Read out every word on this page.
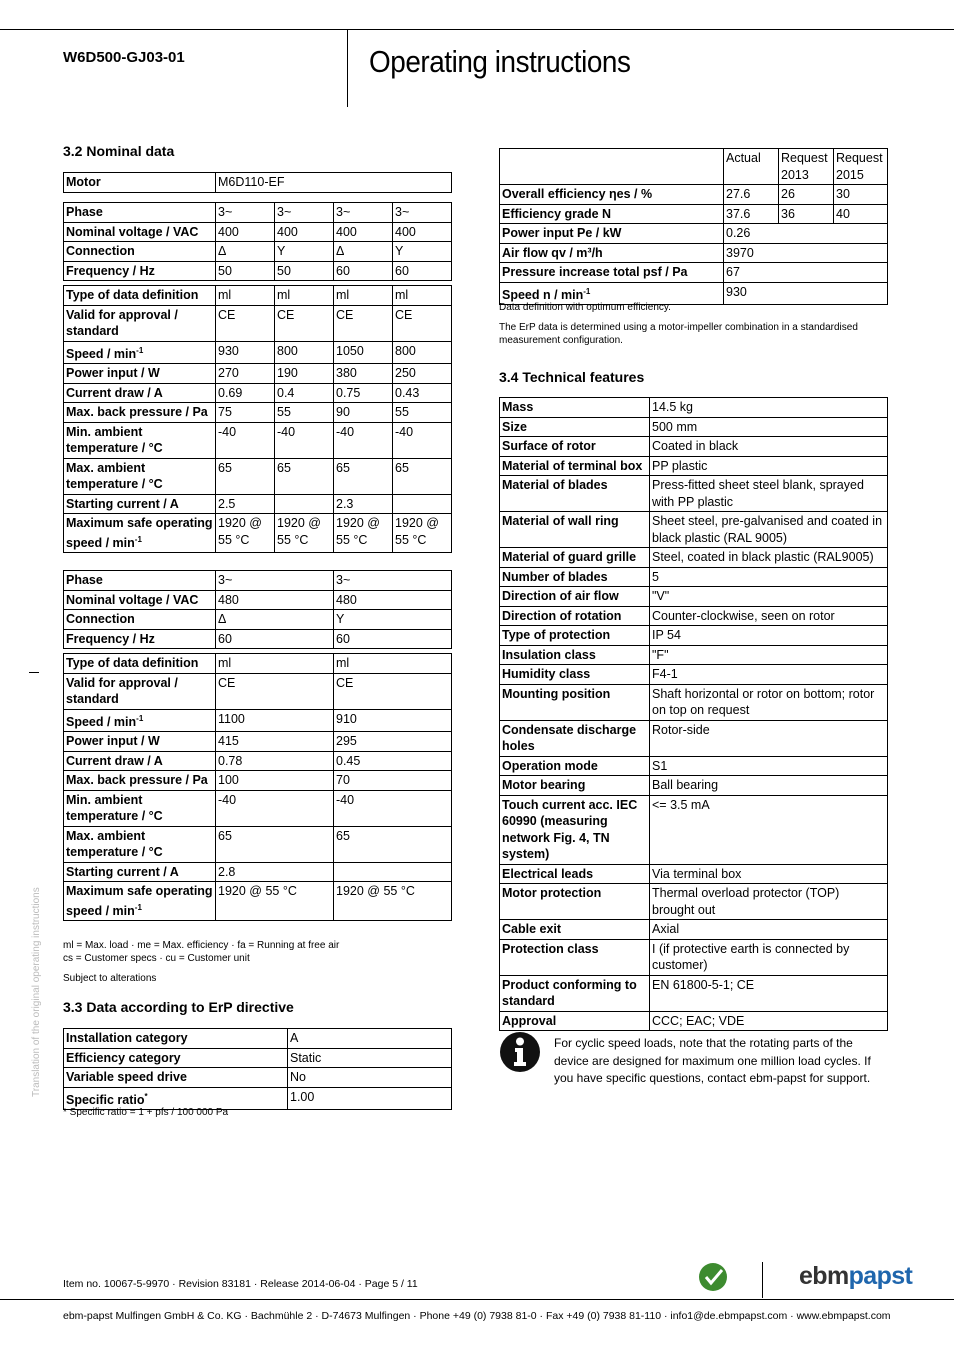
W6D500-GJ03-01	Operating instructions
Translation of the original operating instructions
3.2 Nominal data
Motor	M6D110-EF
Phase	3~	3~	3~	3~
Nominal voltage / VAC	400	400	400	400
Connection	Δ	Y	Δ	Y
Frequency / Hz	50	50	60	60
Type of data definition	ml	ml	ml	ml
Valid for approval / standard	CE	CE	CE	CE
Speed / $\min^{-1}$	930	800	1050	800
Power input / W	270	190	380	250
Current draw / A	0.69	0.4	0.75	0.43
Max. back pressure / Pa	75	55	90	55
Min. ambient temperature / °C	-40	-40	-40	-40
Max. ambient temperature / °C	65	65	65	65
Starting current / A	2.5		2.3	
Maximum safe operating speed / $\min^{-1}$	1920 @ 55 °C	1920 @ 55 °C	1920 @ 55 °C	1920 @ 55 °C
Phase	3~	3~
Nominal voltage / VAC	480	480
Connection	Δ	Y
Frequency / Hz	60	60
Type of data definition	ml	ml
Valid for approval / standard	CE	CE
Speed / $\min^{-1}$	1100	910
Power input / W	415	295
Current draw / A	0.78	0.45
Max. back pressure / Pa	100	70
Min. ambient temperature / °C	-40	-40
Max. ambient temperature / °C	65	65
Starting current / A	2.8	
Maximum safe operating speed / $\min^{-1}$	1920 @ 55 °C	1920 @ 55 °C
ml = Max. load · me = Max. efficiency · fa = Running at free air
cs = Customer specs · cu = Customer unit
Subject to alterations
3.3 Data according to ErP directive
Installation category	A
Efficiency category	Static
Variable speed drive	No
Specific ratio*	1.00
* Specific ratio = 1 + pfs / 100 000 Pa
	Actual	Request 2013	Request 2015
Overall efficiency ηes / %	27.6	26	30
Efficiency grade N	37.6	36	40
Power input Pe / kW	0.26		
Air flow qv / m³/h	3970		
Pressure increase total psf / Pa	67		
Speed n / $\min^{-1}$	930		
Data definition with optimum efficiency.
The ErP data is determined using a motor-impeller combination in a standardised measurement configuration.
3.4 Technical features
Mass	14.5 kg
Size	500 mm
Surface of rotor	Coated in black
Material of terminal box	PP plastic
Material of blades	Press-fitted sheet steel blank, sprayed with PP plastic
Material of wall ring	Sheet steel, pre-galvanised and coated in black plastic (RAL 9005)
Material of guard grille	Steel, coated in black plastic (RAL9005)
Number of blades	5
Direction of air flow	"V"
Direction of rotation	Counter-clockwise, seen on rotor
Type of protection	IP 54
Insulation class	"F"
Humidity class	F4-1
Mounting position	Shaft horizontal or rotor on bottom; rotor on top on request
Condensate discharge holes	Rotor-side
Operation mode	S1
Motor bearing	Ball bearing
Touch current acc. IEC 60990 (measuring network Fig. 4, TN system)	<= 3.5 mA
Electrical leads	Via terminal box
Motor protection	Thermal overload protector (TOP) brought out
Cable exit	Axial
Protection class	I (if protective earth is connected by customer)
Product conforming to standard	EN 61800-5-1; CE
Approval	CCC; EAC; VDE
For cyclic speed loads, note that the rotating parts of the device are designed for maximum one million load cycles. If you have specific questions, contact ebm-papst for support.
Item no. 10067-5-9970 · Revision 83181 · Release 2014-06-04 · Page 5 / 11	ebmpapst
ebm-papst Mulfingen GmbH & Co. KG · Bachmühle 2 · D-74673 Mulfingen · Phone +49 (0) 7938 81-0 · Fax +49 (0) 7938 81-110 · info1@de.ebmpapst.com · www.ebmpapst.com
